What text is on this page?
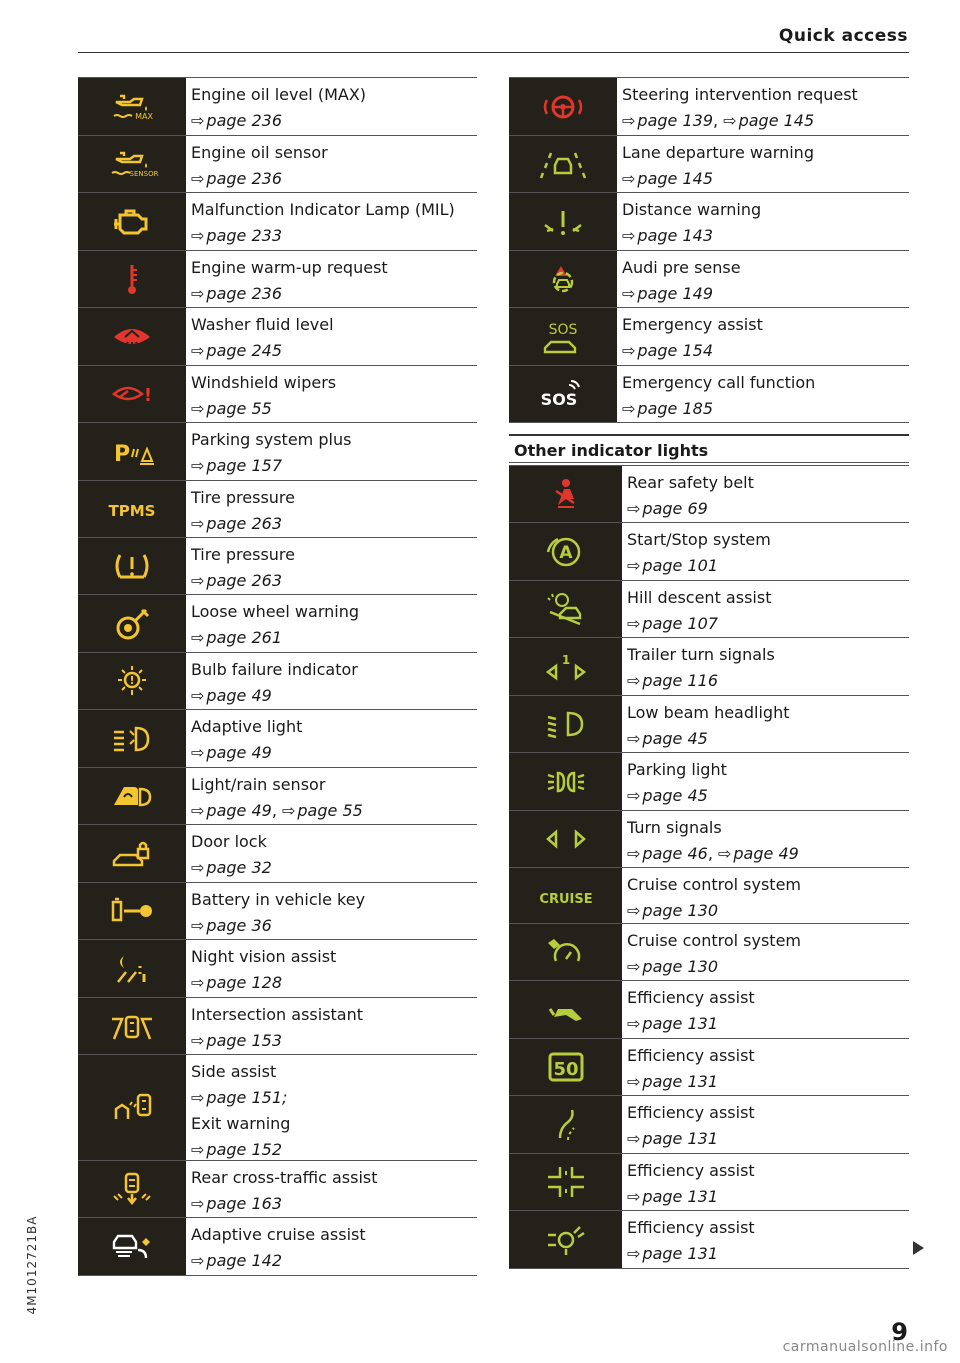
Quick access
4M1012721BA
MAX
Engine oil level (MAX)
⇨ page 236
SENSOR
Engine oil sensor
⇨ page 236
Malfunction Indicator Lamp (MIL)
⇨ page 233
Engine warm-up request
⇨ page 236
Washer fluid level
⇨ page 245
!
Windshield wipers
⇨ page 55
P
Parking system plus
⇨ page 157
TPMS
Tire pressure
⇨ page 263
Tire pressure
⇨ page 263
Loose wheel warning
⇨ page 261
!
Bulb failure indicator
⇨ page 49
Adaptive light
⇨ page 49
Light/rain sensor
⇨ page 49, ⇨ page 55
Door lock
⇨ page 32
Battery in vehicle key
⇨ page 36
Night vision assist
⇨ page 128
Intersection assistant
⇨ page 153
Side assist
⇨ page 151;
Exit warning
⇨ page 152
Rear cross-traffic assist
⇨ page 163
Adaptive cruise assist
⇨ page 142
Steering intervention request
⇨ page 139, ⇨ page 145
Lane departure warning
⇨ page 145
Distance warning
⇨ page 143
Audi pre sense
⇨ page 149
SOS	Emergency assist
⇨ page 154
SOS
Emergency call function
⇨ page 185
Other indicator lights
Rear safety belt
⇨ page 69
A
Start/Stop system
⇨ page 101
Hill descent assist
⇨ page 107
1	Trailer turn signals
⇨ page 116
Low beam headlight
⇨ page 45
Parking light
⇨ page 45
Turn signals
⇨ page 46, ⇨ page 49
CRUISE
Cruise control system
⇨ page 130
Cruise control system
⇨ page 130
Efficiency assist
⇨ page 131
50
Efficiency assist
⇨ page 131
Efficiency assist
⇨ page 131
Efficiency assist
⇨ page 131
Efficiency assist
⇨ page 131
9
carmanualsonline.info
